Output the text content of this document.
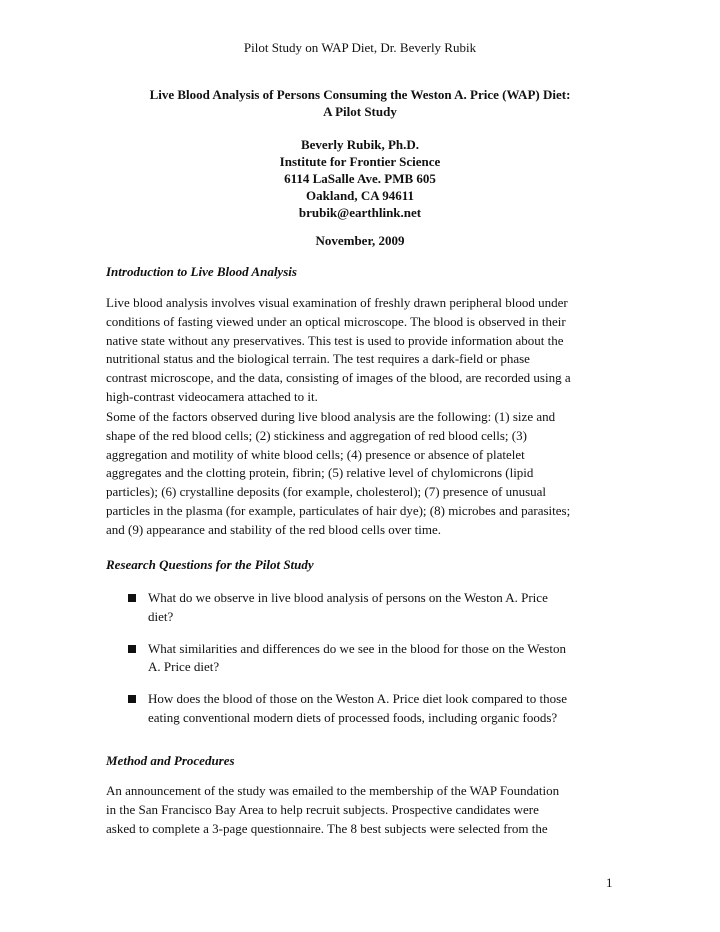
Pilot Study on WAP Diet, Dr. Beverly Rubik
Live Blood Analysis of Persons Consuming the Weston A. Price (WAP) Diet:
A Pilot Study
Beverly Rubik, Ph.D.
Institute for Frontier Science
6114 LaSalle Ave. PMB 605
Oakland, CA 94611
brubik@earthlink.net
November, 2009
Introduction to Live Blood Analysis
Live blood analysis involves visual examination of freshly drawn peripheral blood under
conditions of fasting viewed under an optical microscope. The blood is observed in their
native state without any preservatives. This test is used to provide information about the
nutritional status and the biological terrain. The test requires a dark-field or phase
contrast microscope, and the data, consisting of images of the blood, are recorded using a
high-contrast videocamera attached to it.
Some of the factors observed during live blood analysis are the following: (1) size and
shape of the red blood cells; (2) stickiness and aggregation of red blood cells; (3)
aggregation and motility of white blood cells; (4) presence or absence of platelet
aggregates and the clotting protein, fibrin; (5) relative level of chylomicrons (lipid
particles); (6) crystalline deposits (for example, cholesterol); (7) presence of unusual
particles in the plasma (for example, particulates of hair dye); (8) microbes and parasites;
and (9) appearance and stability of the red blood cells over time.
Research Questions for the Pilot Study
What do we observe in live blood analysis of persons on the Weston A. Price
diet?
What similarities and differences do we see in the blood for those on the Weston
A. Price diet?
How does the blood of those on the Weston A. Price diet look compared to those
eating conventional modern diets of processed foods, including organic foods?
Method and Procedures
An announcement of the study was emailed to the membership of the WAP Foundation
in the San Francisco Bay Area to help recruit subjects. Prospective candidates were
asked to complete a 3-page questionnaire. The 8 best subjects were selected from the
1
